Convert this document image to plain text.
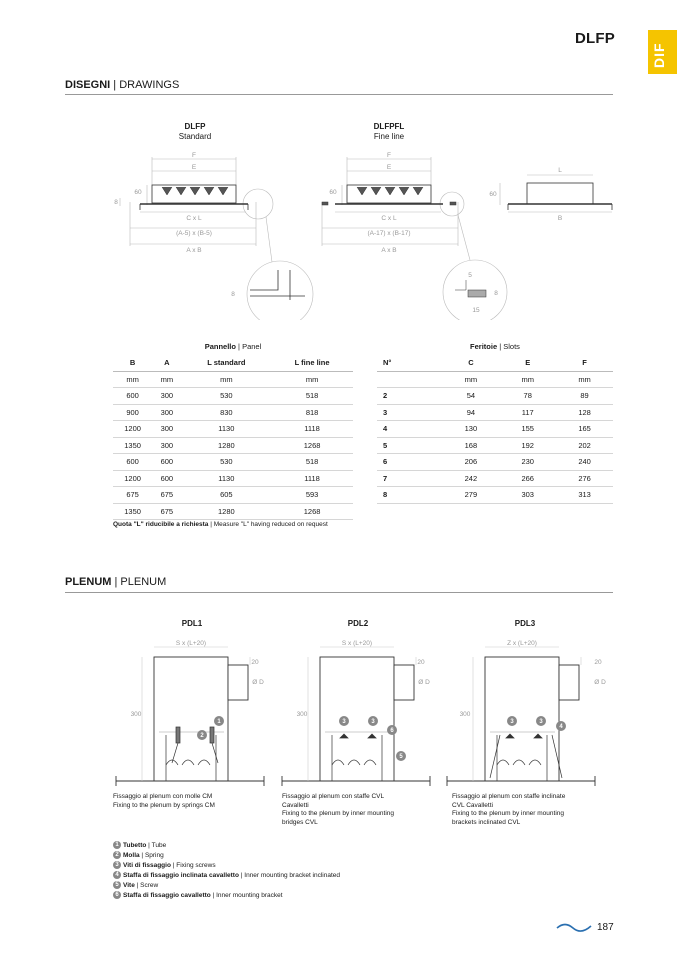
DLFP
DIF
DISEGNI | DRAWINGS
DLFP
Standard
DLFPFL
Fine line
F
E
C x L
(A-5) x (B-5)
A x B
60
8
F
E
C x L
(A-17) x (B-17)
A x B
60
L
B
60
8
5
8
15
Pannello | Panel
B	A	L standard	L fine line
mm	mm	mm	mm
600	300	530	518
900	300	830	818
1200	300	1130	1118
1350	300	1280	1268
600	600	530	518
1200	600	1130	1118
675	675	605	593
1350	675	1280	1268
Feritoie | Slots
N°	C	E	F
	mm	mm	mm
2	54	78	89
3	94	117	128
4	130	155	165
5	168	192	202
6	206	230	240
7	242	266	276
8	279	303	313
Quota "L" riducibile a richiesta | Measure "L" having reduced on request
PLENUM | PLENUM
PDL1	PDL2	PDL3
1
2
3	3
6
5
3	3
4
S x (L+20)	S x (L+20)	Z x (L+20)
300	300	300
20	20	20
Ø D	Ø D	Ø D
Fissaggio al plenum con molle CM
Fixing to the plenum by springs CM
Fissaggio al plenum con staffe CVL Cavalletti
Fixing to the plenum by inner mounting bridges CVL
Fissaggio al plenum con staffe inclinate CVL Cavalletti
Fixing to the plenum by inner mounting brackets inclinated CVL
1 Tubetto | Tube
2 Molla | Spring
3 Viti di fissaggio | Fixing screws
4 Staffa di fissaggio inclinata cavalletto | Inner mounting bracket inclinated
5 Vite | Screw
6 Staffa di fissaggio cavalletto | Inner mounting bracket
187
